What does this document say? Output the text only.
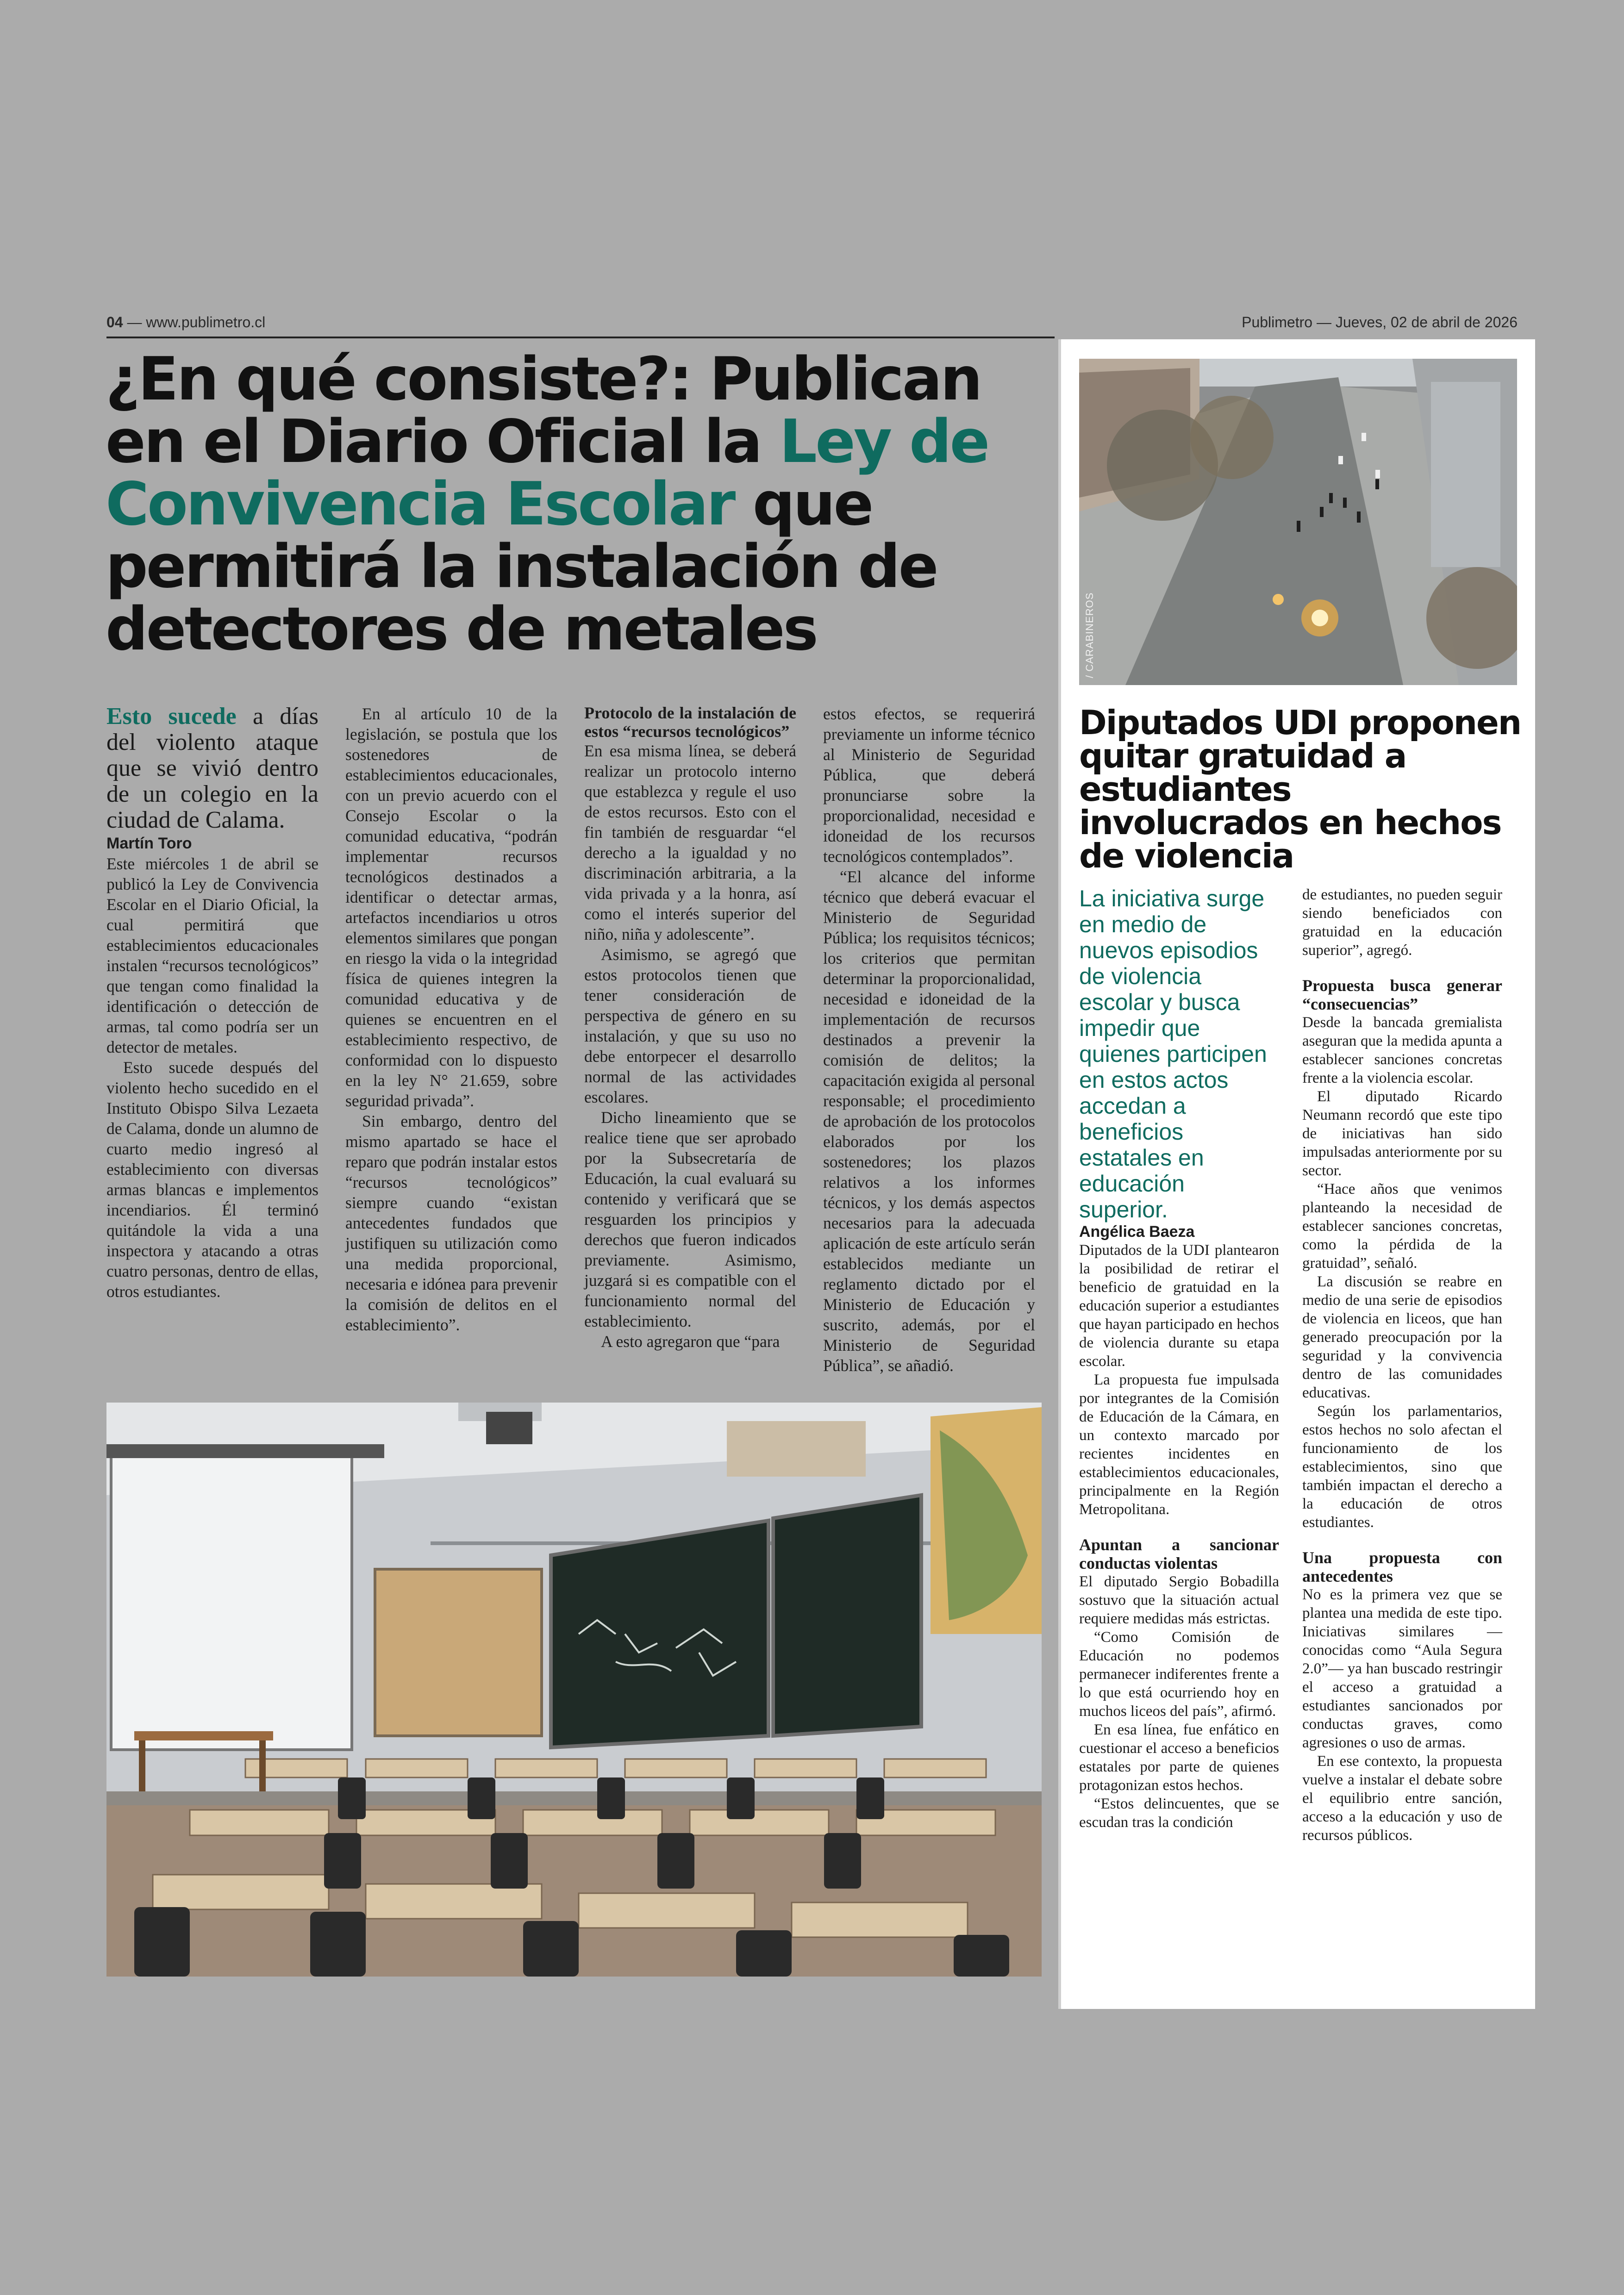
04 — www.publimetro.cl	Publimetro — Jueves, 02 de abril de 2026
¿En qué consiste?: Publican en el Diario Oficial la Ley de Convivencia Escolar que permitirá la instalación de detectores de metales

Esto sucede a días del violento ataque que se vivió dentro de un colegio en la ciudad de Calama.

Martín Toro

Este miércoles 1 de abril se publicó la Ley de Convivencia Escolar en el Diario Oficial, la cual permitirá que establecimientos educacionales instalen “recursos tecnológicos” que tengan como finalidad la identificación o detección de armas, tal como podría ser un detector de metales.

Esto sucede después del violento hecho sucedido en el Instituto Obispo Silva Lezaeta de Calama, donde un alumno de cuarto medio ingresó al establecimiento con diversas armas blancas e implementos incendiarios. Él terminó quitándole la vida a una inspectora y atacando a otras cuatro personas, dentro de ellas, otros estudiantes.

En al artículo 10 de la legislación, se postula que los sostenedores de establecimientos educacionales, con un previo acuerdo con el Consejo Escolar o la comunidad educativa, “podrán implementar recursos tecnológicos destinados a identificar o detectar armas, artefactos incendiarios u otros elementos similares que pongan en riesgo la vida o la integridad física de quienes integren la comunidad educativa y de quienes se encuentren en el establecimiento respectivo, de conformidad con lo dispuesto en la ley N° 21.659, sobre seguridad privada”.

Sin embargo, dentro del mismo apartado se hace el reparo que podrán instalar estos “recursos tecnológicos” siempre cuando “existan antecedentes fundados que justifiquen su utilización como una medida proporcional, necesaria e idónea para prevenir la comisión de delitos en el establecimiento”.

Protocolo de la instalación de estos “recursos tecnológicos”

En esa misma línea, se deberá realizar un protocolo interno que establezca y regule el uso de estos recursos. Esto con el fin también de resguardar “el derecho a la igualdad y no discriminación arbitraria, a la vida privada y a la honra, así como el interés superior del niño, niña y adolescente”.

Asimismo, se agregó que estos protocolos tienen que tener consideración de perspectiva de género en su instalación, y que su uso no debe entorpecer el desarrollo normal de las actividades escolares.

Dicho lineamiento que se realice tiene que ser aprobado por la Subsecretaría de Educación, la cual evaluará su contenido y verificará que se resguarden los principios y derechos que fueron indicados previamente. Asimismo, juzgará si es compatible con el funcionamiento normal del establecimiento.

A esto agregaron que “para

estos efectos, se requerirá previamente un informe técnico al Ministerio de Seguridad Pública, que deberá pronunciarse sobre la proporcionalidad, necesidad e idoneidad de los recursos tecnológicos contemplados”.

“El alcance del informe técnico que deberá evacuar el Ministerio de Seguridad Pública; los requisitos técnicos; los criterios que permitan determinar la proporcionalidad, necesidad e idoneidad de la implementación de recursos destinados a prevenir la comisión de delitos; la capacitación exigida al personal responsable; el procedimiento de aprobación de los protocolos elaborados por los sostenedores; los plazos relativos a los informes técnicos, y los demás aspectos necesarios para la adecuada aplicación de este artículo serán establecidos mediante un reglamento dictado por el Ministerio de Educación y suscrito, además, por el Ministerio de Seguridad Pública”, se añadió.

/ CARABINEROS
Diputados UDI proponen quitar gratuidad a estudiantes involucrados en hechos de violencia

La iniciativa surge en medio de nuevos episodios de violencia escolar y busca impedir que quienes participen en estos actos accedan a beneficios estatales en educación superior.

Angélica Baeza

Diputados de la UDI plantearon la posibilidad de retirar el beneficio de gratuidad en la educación superior a estudiantes que hayan participado en hechos de violencia durante su etapa escolar.

La propuesta fue impulsada por integrantes de la Comisión de Educación de la Cámara, en un contexto marcado por recientes incidentes en establecimientos educacionales, principalmente en la Región Metropolitana.

Apuntan a sancionar conductas violentas

El diputado Sergio Bobadilla sostuvo que la situación actual requiere medidas más estrictas.

“Como Comisión de Educación no podemos permanecer indiferentes frente a lo que está ocurriendo hoy en muchos liceos del país”, afirmó.

En esa línea, fue enfático en cuestionar el acceso a beneficios estatales por parte de quienes protagonizan estos hechos.

“Estos delincuentes, que se escudan tras la condición

de estudiantes, no pueden seguir siendo beneficiados con gratuidad en la educación superior”, agregó.

Propuesta busca generar “consecuencias”

Desde la bancada gremialista aseguran que la medida apunta a establecer sanciones concretas frente a la violencia escolar.

El diputado Ricardo Neumann recordó que este tipo de iniciativas han sido impulsadas anteriormente por su sector.

“Hace años que venimos planteando la necesidad de establecer sanciones concretas, como la pérdida de la gratuidad”, señaló.

La discusión se reabre en medio de una serie de episodios de violencia en liceos, que han generado preocupación por la seguridad y la convivencia dentro de las comunidades educativas.

Según los parlamentarios, estos hechos no solo afectan el funcionamiento de los establecimientos, sino que también impactan el derecho a la educación de otros estudiantes.

Una propuesta con antecedentes

No es la primera vez que se plantea una medida de este tipo. Iniciativas similares —conocidas como “Aula Segura 2.0”— ya han buscado restringir el acceso a gratuidad a estudiantes sancionados por conductas graves, como agresiones o uso de armas.

En ese contexto, la propuesta vuelve a instalar el debate sobre el equilibrio entre sanción, acceso a la educación y uso de recursos públicos.
